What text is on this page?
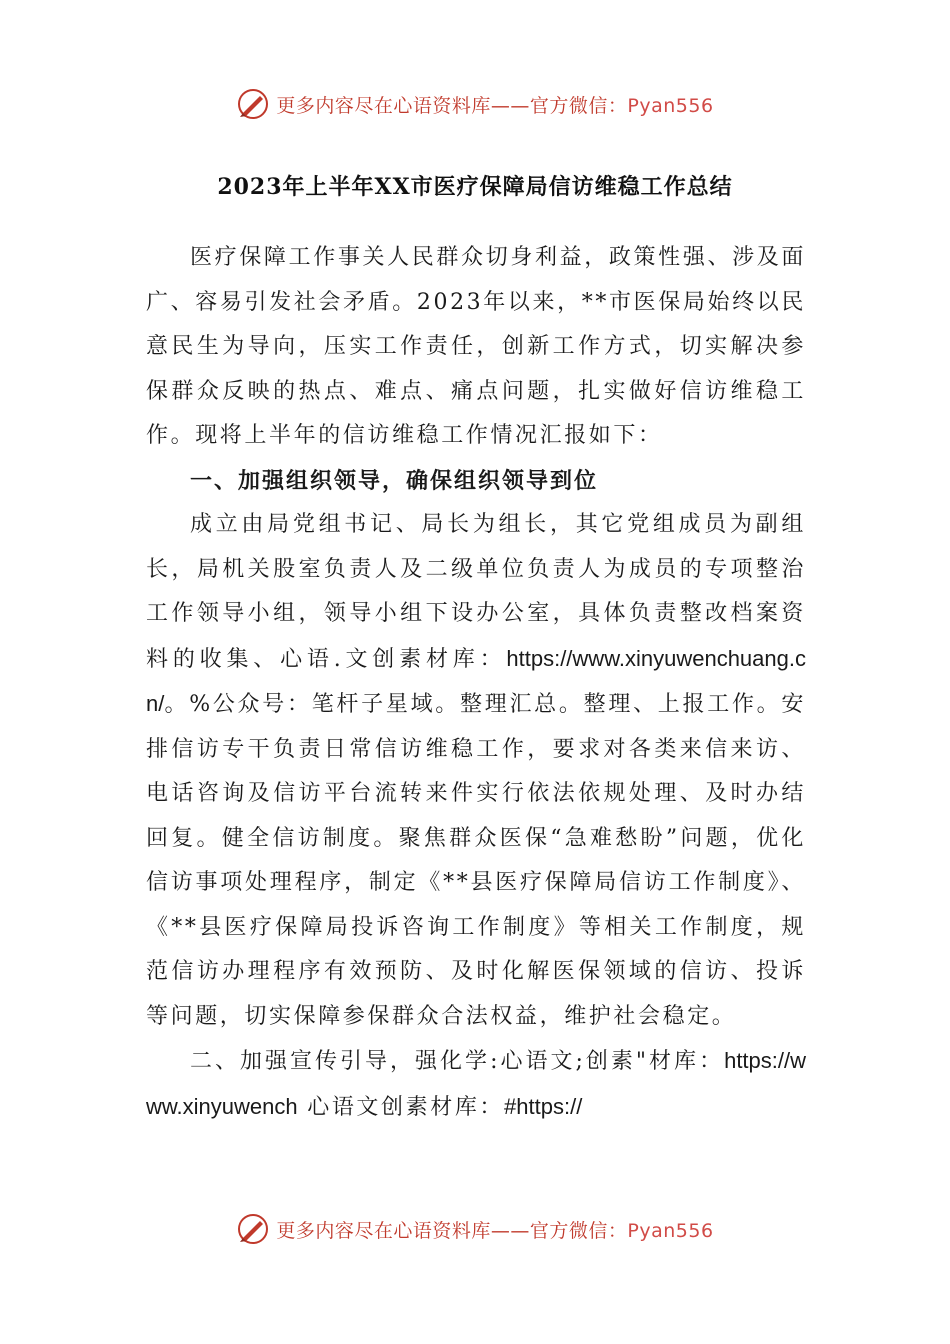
更多内容尽在心语资料库——官方微信：Pyan556
2023年上半年XX市医疗保障局信访维稳工作总结

医疗保障工作事关人民群众切身利益，政策性强、涉及面广、容易引发社会矛盾。2023年以来，**市医保局始终以民意民生为导向，压实工作责任，创新工作方式，切实解决参保群众反映的热点、难点、痛点问题，扎实做好信访维稳工作。现将上半年的信访维稳工作情况汇报如下：

一、加强组织领导，确保组织领导到位

成立由局党组书记、局长为组长，其它党组成员为副组长，局机关股室负责人及二级单位负责人为成员的专项整治工作领导小组，领导小组下设办公室，具体负责整改档案资料的收集、心语.文创素材库：https://www.xinyuwenchuang.cn/。%公众号：笔杆子星域。整理汇总。整理、上报工作。安排信访专干负责日常信访维稳工作，要求对各类来信来访、电话咨询及信访平台流转来件实行依法依规处理、及时办结回复。健全信访制度。聚焦群众医保“急难愁盼”问题，优化信访事项处理程序，制定《**县医疗保障局信访工作制度》、《**县医疗保障局投诉咨询工作制度》等相关工作制度，规范信访办理程序有效预防、及时化解医保领域的信访、投诉等问题，切实保障参保群众合法权益，维护社会稳定。

二、加强宣传引导，强化学:心语文;创素"材库：https://www.xinyuwench 心语文创素材库：#https://

更多内容尽在心语资料库——官方微信：Pyan556
